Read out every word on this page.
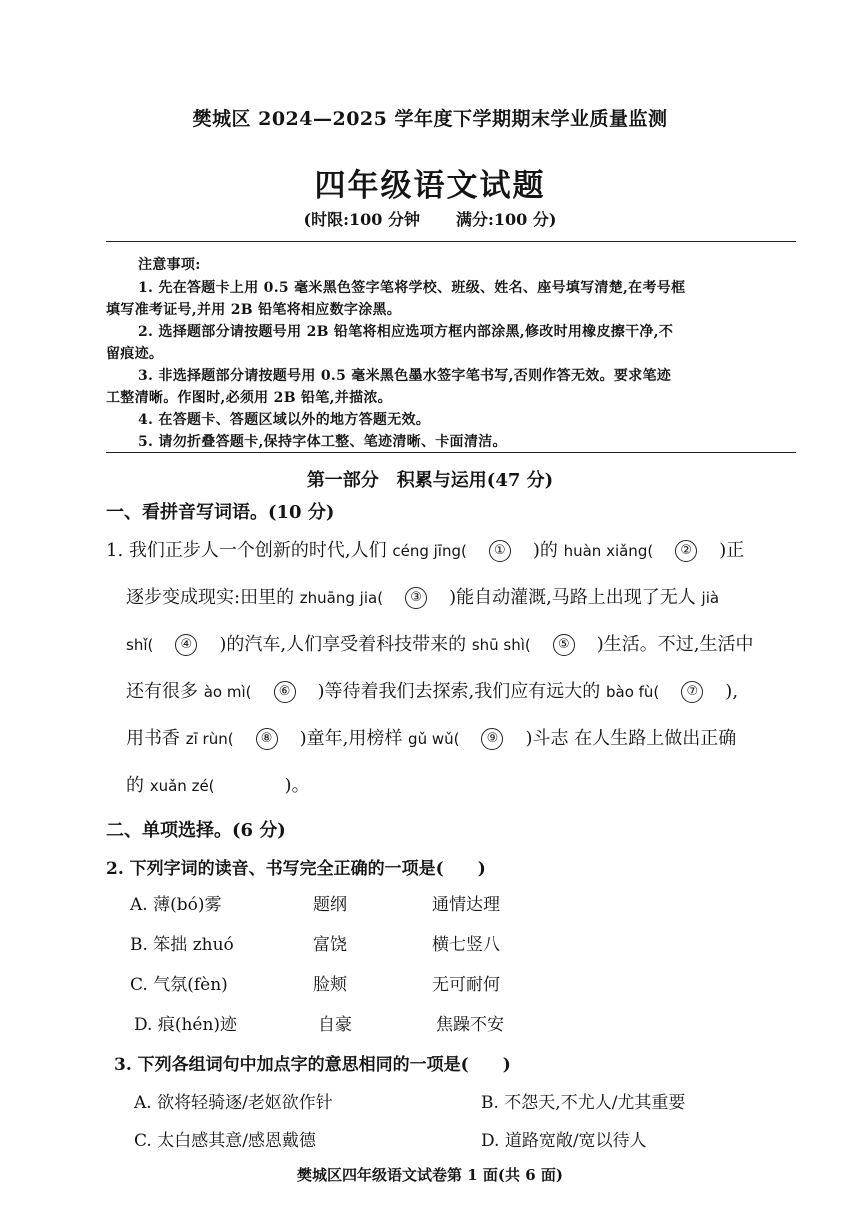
樊城区 2024—2025 学年度下学期期末学业质量监测
四年级语文试题
(时限:100 分钟 满分:100 分)
注意事项:
1. 先在答题卡上用 0.5 毫米黑色签字笔将学校、班级、姓名、座号填写清楚,在考号框
填写准考证号,并用 2B 铅笔将相应数字涂黑。
2. 选择题部分请按题号用 2B 铅笔将相应选项方框内部涂黑,修改时用橡皮擦干净,不
留痕迹。
3. 非选择题部分请按题号用 0.5 毫米黑色墨水签字笔书写,否则作答无效。要求笔迹
工整清晰。作图时,必须用 2B 铅笔,并描浓。
4. 在答题卡、答题区域以外的地方答题无效。
5. 请勿折叠答题卡,保持字体工整、笔迹清晰、卡面清洁。
第一部分　积累与运用(47 分)
一、看拼音写词语。(10 分)
1. 我们正步人一个创新的时代,人们 céng jīng( ① )的 huàn xiǎng( ② )正
逐步变成现实:田里的 zhuāng jia( ③ )能自动灌溉,马路上出现了无人 jià
shǐ( ④ )的汽车,人们享受着科技带来的 shū shì( ⑤ )生活。不过,生活中
还有很多 ào mì( ⑥ )等待着我们去探索,我们应有远大的 bào fù( ⑦ ),
用书香 zī rùn( ⑧ )童年,用榜样 gǔ wǔ( ⑨ )斗志 在人生路上做出正确
的 xuǎn zé(	)。
二、单项选择。(6 分)
2. 下列字词的读音、书写完全正确的一项是(　　)
A. 薄(bó)雾	题纲	通情达理
B. 笨拙 zhuó	富饶	横七竖八
C. 气氛(fèn)	脸颊	无可耐何
D. 痕(hén)迹	自豪	焦躁不安
3. 下列各组词句中加点字的意思相同的一项是(　　)
A. 欲将轻骑逐/老妪欲作针	B. 不怨天,不尤人/尤其重要
C. 太白感其意/感恩戴德	D. 道路宽敞/宽以待人
樊城区四年级语文试卷第 1 面(共 6 面)
